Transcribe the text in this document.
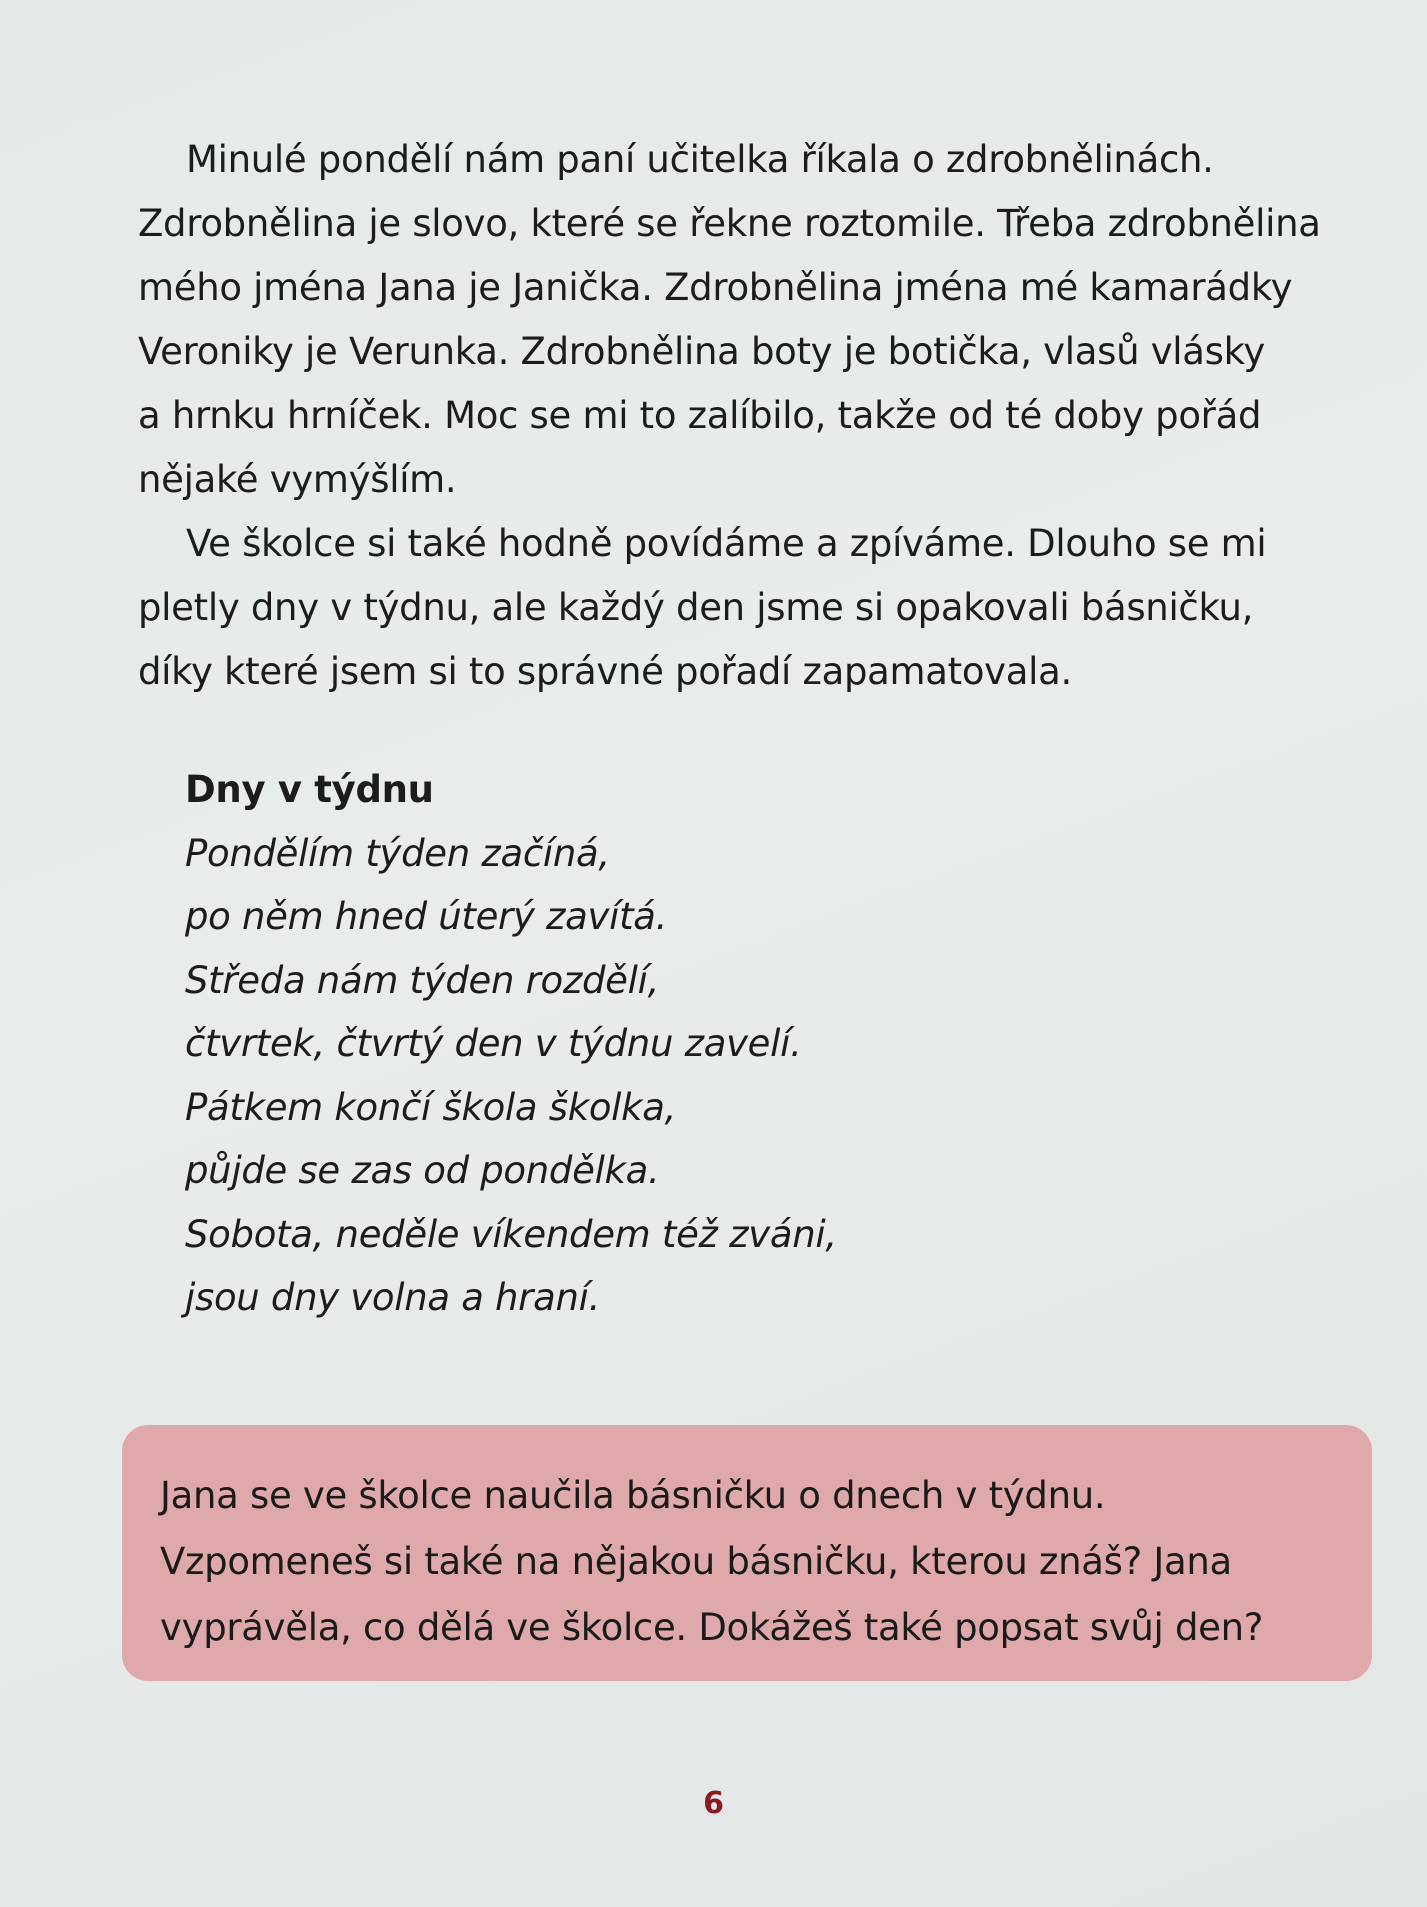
Minulé pondělí nám paní učitelka říkala o zdrobnělinách.
Zdrobnělina je slovo, které se řekne roztomile. Třeba zdrobnělina
mého jména Jana je Janička. Zdrobnělina jména mé kamarádky
Veroniky je Verunka. Zdrobnělina boty je botička, vlasů vlásky
a hrnku hrníček. Moc se mi to zalíbilo, takže od té doby pořád
nějaké vymýšlím.

Ve školce si také hodně povídáme a zpíváme. Dlouho se mi
pletly dny v týdnu, ale každý den jsme si opakovali básničku,
díky které jsem si to správné pořadí zapamatovala.

Dny v týdnu

Pondělím týden začíná,

po něm hned úterý zavítá.

Středa nám týden rozdělí,

čtvrtek, čtvrtý den v týdnu zavelí.

Pátkem končí škola školka,

půjde se zas od pondělka.

Sobota, neděle víkendem též zváni,

jsou dny volna a hraní.

Jana se ve školce naučila básničku o dnech v týdnu.

Vzpomeneš si také na nějakou básničku, kterou znáš? Jana

vyprávěla, co dělá ve školce. Dokážeš také popsat svůj den?

6
